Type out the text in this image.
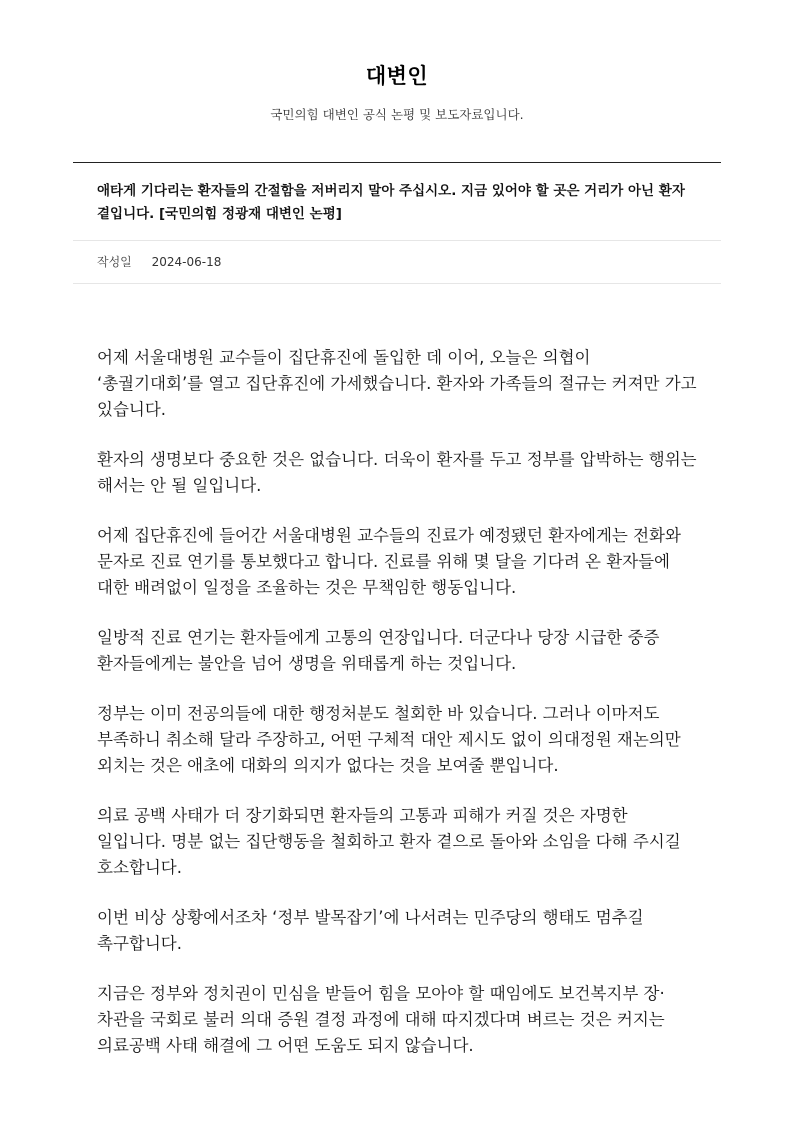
대변인
국민의힘 대변인 공식 논평 및 보도자료입니다.
애타게 기다리는 환자들의 간절함을 저버리지 말아 주십시오. 지금 있어야 할 곳은 거리가 아닌 환자 곁입니다. [국민의힘 정광재 대변인 논평]
작성일 2024-06-18

어제 서울대병원 교수들이 집단휴진에 돌입한 데 이어, 오늘은 의협이 ‘총궐기대회’를 열고 집단휴진에 가세했습니다. 환자와 가족들의 절규는 커져만 가고 있습니다.

환자의 생명보다 중요한 것은 없습니다. 더욱이 환자를 두고 정부를 압박하는 행위는 해서는 안 될 일입니다.

어제 집단휴진에 들어간 서울대병원 교수들의 진료가 예정됐던 환자에게는 전화와 문자로 진료 연기를 통보했다고 합니다. 진료를 위해 몇 달을 기다려 온 환자들에 대한 배려없이 일정을 조율하는 것은 무책임한 행동입니다.

일방적 진료 연기는 환자들에게 고통의 연장입니다. 더군다나 당장 시급한 중증 환자들에게는 불안을 넘어 생명을 위태롭게 하는 것입니다.

정부는 이미 전공의들에 대한 행정처분도 철회한 바 있습니다. 그러나 이마저도 부족하니 취소해 달라 주장하고, 어떤 구체적 대안 제시도 없이 의대정원 재논의만 외치는 것은 애초에 대화의 의지가 없다는 것을 보여줄 뿐입니다.

의료 공백 사태가 더 장기화되면 환자들의 고통과 피해가 커질 것은 자명한 일입니다. 명분 없는 집단행동을 철회하고 환자 곁으로 돌아와 소임을 다해 주시길 호소합니다.

이번 비상 상황에서조차 ‘정부 발목잡기’에 나서려는 민주당의 행태도 멈추길 촉구합니다.

지금은 정부와 정치권이 민심을 받들어 힘을 모아야 할 때임에도 보건복지부 장·차관을 국회로 불러 의대 증원 결정 과정에 대해 따지겠다며 벼르는 것은 커지는 의료공백 사태 해결에 그 어떤 도움도 되지 않습니다.
